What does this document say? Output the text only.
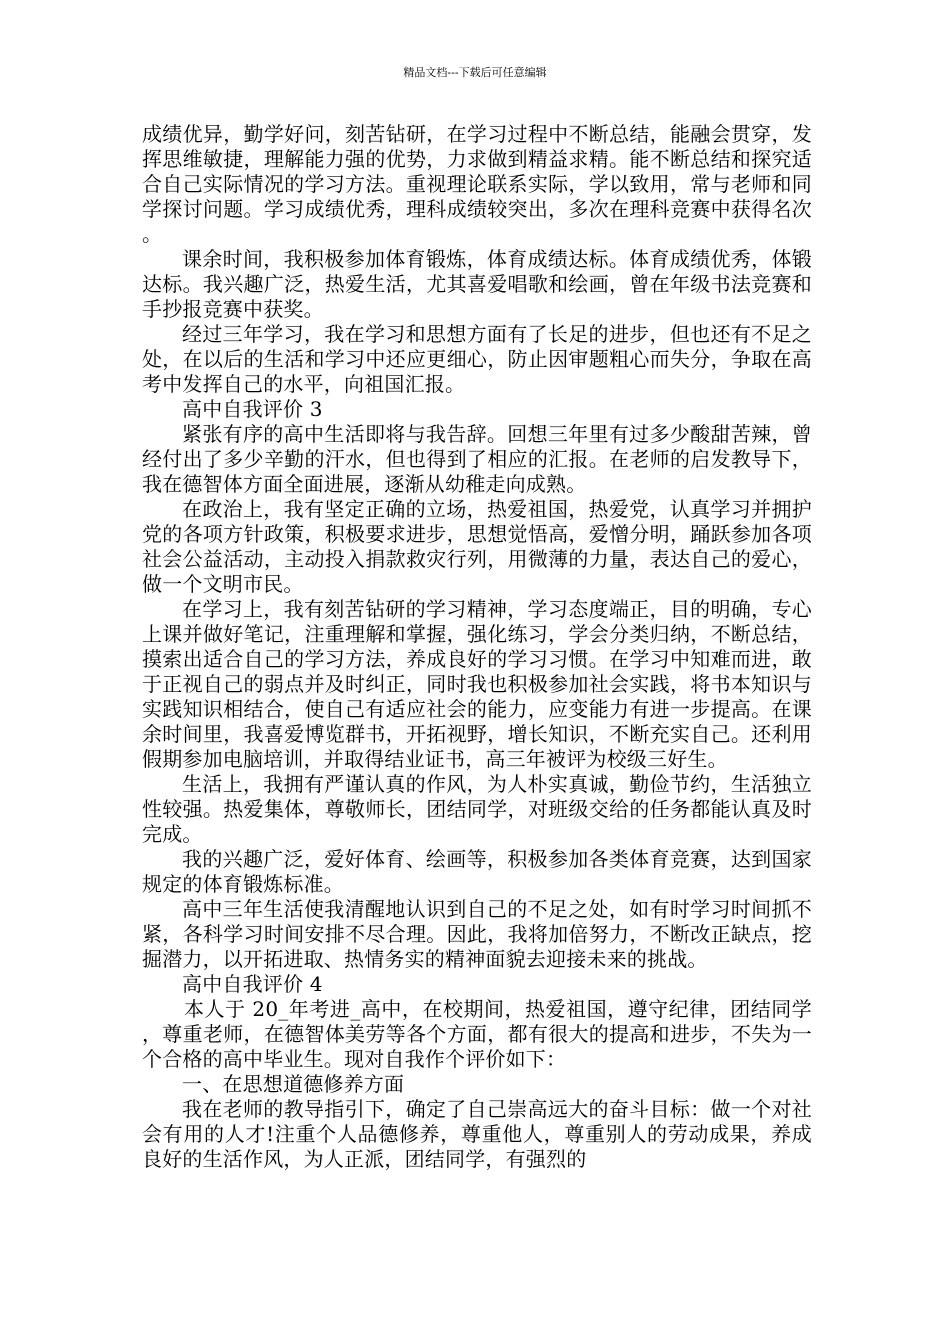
精品文档---下载后可任意编辑

成绩优异，勤学好问，刻苦钻研，在学习过程中不断总结，能融会贯穿，发挥思维敏捷，理解能力强的优势，力求做到精益求精。能不断总结和探究适合自己实际情况的学习方法。重视理论联系实际，学以致用，常与老师和同学探讨问题。学习成绩优秀，理科成绩较突出，多次在理科竞赛中获得名次。

课余时间，我积极参加体育锻炼，体育成绩达标。体育成绩优秀，体锻达标。我兴趣广泛，热爱生活，尤其喜爱唱歌和绘画，曾在年级书法竞赛和手抄报竞赛中获奖。

经过三年学习，我在学习和思想方面有了长足的进步，但也还有不足之处，在以后的生活和学习中还应更细心，防止因审题粗心而失分，争取在高考中发挥自己的水平，向祖国汇报。

高中自我评价 3

紧张有序的高中生活即将与我告辞。回想三年里有过多少酸甜苦辣，曾经付出了多少辛勤的汗水，但也得到了相应的汇报。在老师的启发教导下，我在德智体方面全面进展，逐渐从幼稚走向成熟。

在政治上，我有坚定正确的立场，热爱祖国，热爱党，认真学习并拥护党的各项方针政策，积极要求进步，思想觉悟高，爱憎分明，踊跃参加各项社会公益活动，主动投入捐款救灾行列，用微薄的力量，表达自己的爱心，做一个文明市民。

在学习上，我有刻苦钻研的学习精神，学习态度端正，目的明确，专心上课并做好笔记，注重理解和掌握，强化练习，学会分类归纳，不断总结，摸索出适合自己的学习方法，养成良好的学习习惯。在学习中知难而进，敢于正视自己的弱点并及时纠正，同时我也积极参加社会实践，将书本知识与实践知识相结合，使自己有适应社会的能力，应变能力有进一步提高。在课余时间里，我喜爱博览群书，开拓视野，增长知识，不断充实自己。还利用假期参加电脑培训，并取得结业证书，高三年被评为校级三好生。

生活上，我拥有严谨认真的作风，为人朴实真诚，勤俭节约，生活独立性较强。热爱集体，尊敬师长，团结同学，对班级交给的任务都能认真及时完成。

我的兴趣广泛，爱好体育、绘画等，积极参加各类体育竞赛，达到国家规定的体育锻炼标准。

高中三年生活使我清醒地认识到自己的不足之处，如有时学习时间抓不紧，各科学习时间安排不尽合理。因此，我将加倍努力，不断改正缺点，挖掘潜力，以开拓进取、热情务实的精神面貌去迎接未来的挑战。

高中自我评价 4

本人于 20_年考进_高中，在校期间，热爱祖国，遵守纪律，团结同学，尊重老师，在德智体美劳等各个方面，都有很大的提高和进步，不失为一个合格的高中毕业生。现对自我作个评价如下：

一、在思想道德修养方面

我在老师的教导指引下，确定了自己崇高远大的奋斗目标：做一个对社会有用的人才!注重个人品德修养，尊重他人，尊重别人的劳动成果，养成良好的生活作风，为人正派，团结同学，有强烈的
